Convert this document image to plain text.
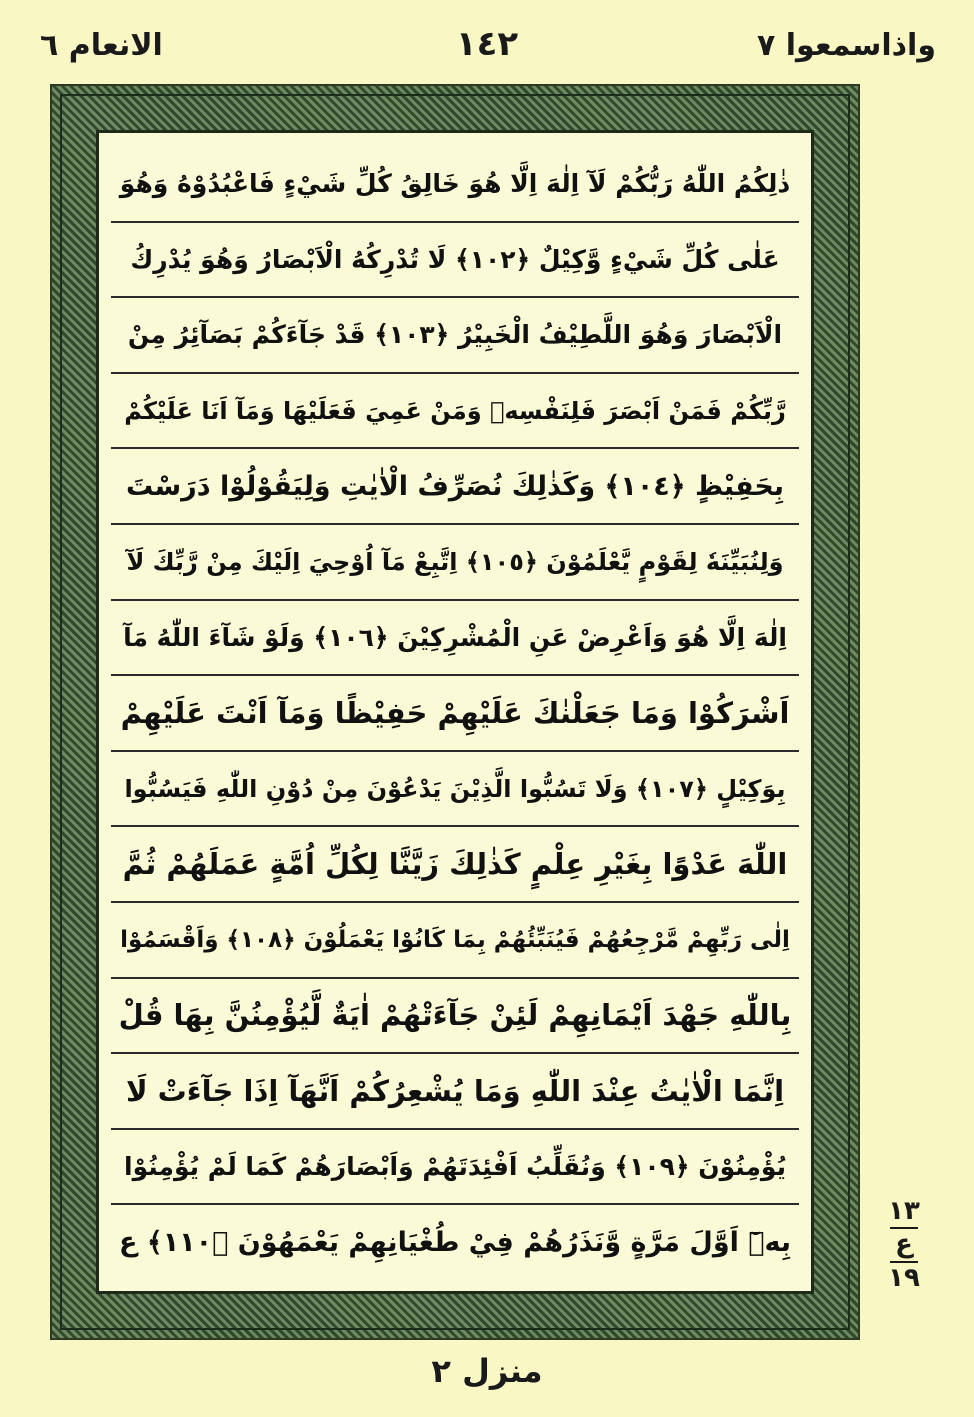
واذاسمعوا ٧
١٤٢
الانعام ٦
ذٰلِكُمُ اللّٰهُ رَبُّكُمْ لَآ اِلٰهَ اِلَّا هُوَ خَالِقُ كُلِّ شَيْءٍ فَاعْبُدُوْهُ وَهُوَ
عَلٰى كُلِّ شَيْءٍ وَّكِيْلٌ ﴿١٠٢﴾ لَا تُدْرِكُهُ الْاَبْصَارُ وَهُوَ يُدْرِكُ
الْاَبْصَارَ وَهُوَ اللَّطِيْفُ الْخَبِيْرُ ﴿١٠٣﴾ قَدْ جَآءَكُمْ بَصَآئِرُ مِنْ
رَّبِّكُمْ فَمَنْ اَبْصَرَ فَلِنَفْسِهٖ وَمَنْ عَمِيَ فَعَلَيْهَا وَمَآ اَنَا عَلَيْكُمْ
بِحَفِيْظٍ ﴿١٠٤﴾ وَكَذٰلِكَ نُصَرِّفُ الْاٰيٰتِ وَلِيَقُوْلُوْا دَرَسْتَ
وَلِنُبَيِّنَهٗ لِقَوْمٍ يَّعْلَمُوْنَ ﴿١٠٥﴾ اِتَّبِعْ مَآ اُوْحِيَ اِلَيْكَ مِنْ رَّبِّكَ لَآ
اِلٰهَ اِلَّا هُوَ وَاَعْرِضْ عَنِ الْمُشْرِكِيْنَ ﴿١٠٦﴾ وَلَوْ شَآءَ اللّٰهُ مَآ
اَشْرَكُوْا وَمَا جَعَلْنٰكَ عَلَيْهِمْ حَفِيْظًا وَمَآ اَنْتَ عَلَيْهِمْ
بِوَكِيْلٍ ﴿١٠٧﴾ وَلَا تَسُبُّوا الَّذِيْنَ يَدْعُوْنَ مِنْ دُوْنِ اللّٰهِ فَيَسُبُّوا
اللّٰهَ عَدْوًا بِغَيْرِ عِلْمٍ كَذٰلِكَ زَيَّنَّا لِكُلِّ اُمَّةٍ عَمَلَهُمْ ثُمَّ
اِلٰى رَبِّهِمْ مَّرْجِعُهُمْ فَيُنَبِّئُهُمْ بِمَا كَانُوْا يَعْمَلُوْنَ ﴿١٠٨﴾ وَاَقْسَمُوْا
بِاللّٰهِ جَهْدَ اَيْمَانِهِمْ لَئِنْ جَآءَتْهُمْ اٰيَةٌ لَّيُؤْمِنُنَّ بِهَا قُلْ
اِنَّمَا الْاٰيٰتُ عِنْدَ اللّٰهِ وَمَا يُشْعِرُكُمْ اَنَّهَآ اِذَا جَآءَتْ لَا
يُؤْمِنُوْنَ ﴿١٠٩﴾ وَنُقَلِّبُ اَفْئِدَتَهُمْ وَاَبْصَارَهُمْ كَمَا لَمْ يُؤْمِنُوْا
بِهٖٓ اَوَّلَ مَرَّةٍ وَّنَذَرُهُمْ فِيْ طُغْيَانِهِمْ يَعْمَهُوْنَ ﴿١١٠﴾ ع
١٣
ع
١٩
منزل ٢
